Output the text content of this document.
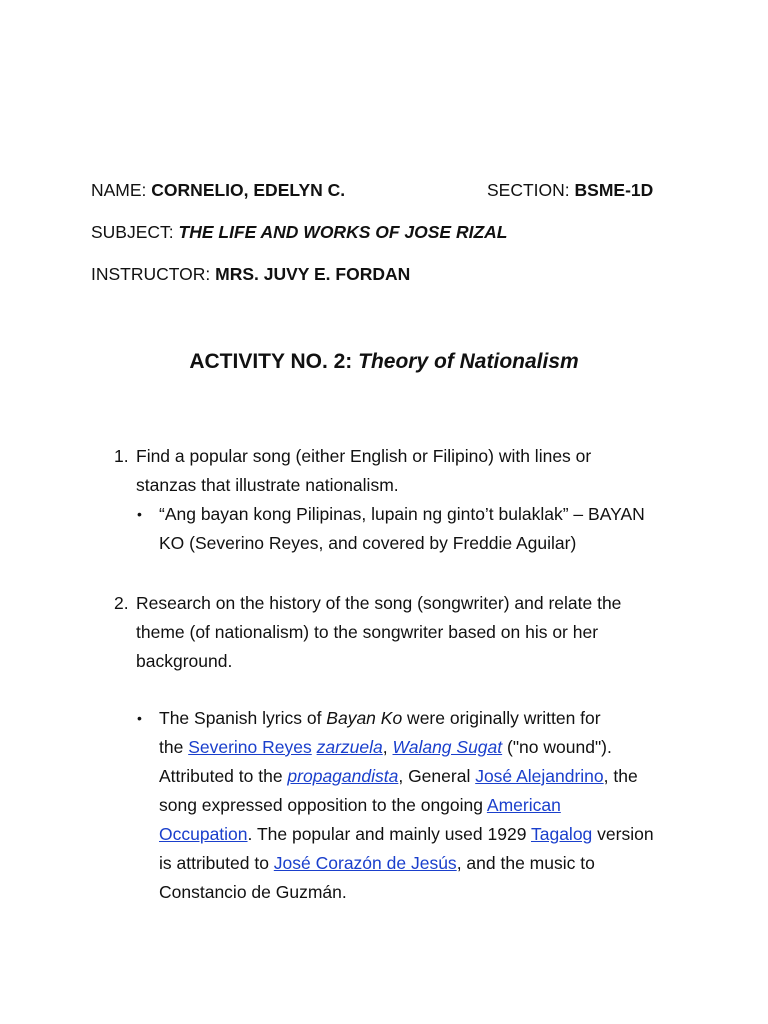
NAME: CORNELIO, EDELYN C.	SECTION: BSME-1D
SUBJECT: THE LIFE AND WORKS OF JOSE RIZAL
INSTRUCTOR: MRS. JUVY E. FORDAN
ACTIVITY NO. 2: Theory of Nationalism
1. Find a popular song (either English or Filipino) with lines or
stanzas that illustrate nationalism.
• “Ang bayan kong Pilipinas, lupain ng ginto’t bulaklak” – BAYAN
KO (Severino Reyes, and covered by Freddie Aguilar)
2. Research on the history of the song (songwriter) and relate the
theme (of nationalism) to the songwriter based on his or her
background.
• The Spanish lyrics of Bayan Ko were originally written for
the Severino Reyes zarzuela, Walang Sugat ("no wound").
Attributed to the propagandista, General José Alejandrino, the
song expressed opposition to the ongoing American
Occupation. The popular and mainly used 1929 Tagalog version
is attributed to José Corazón de Jesús, and the music to
Constancio de Guzmán.
